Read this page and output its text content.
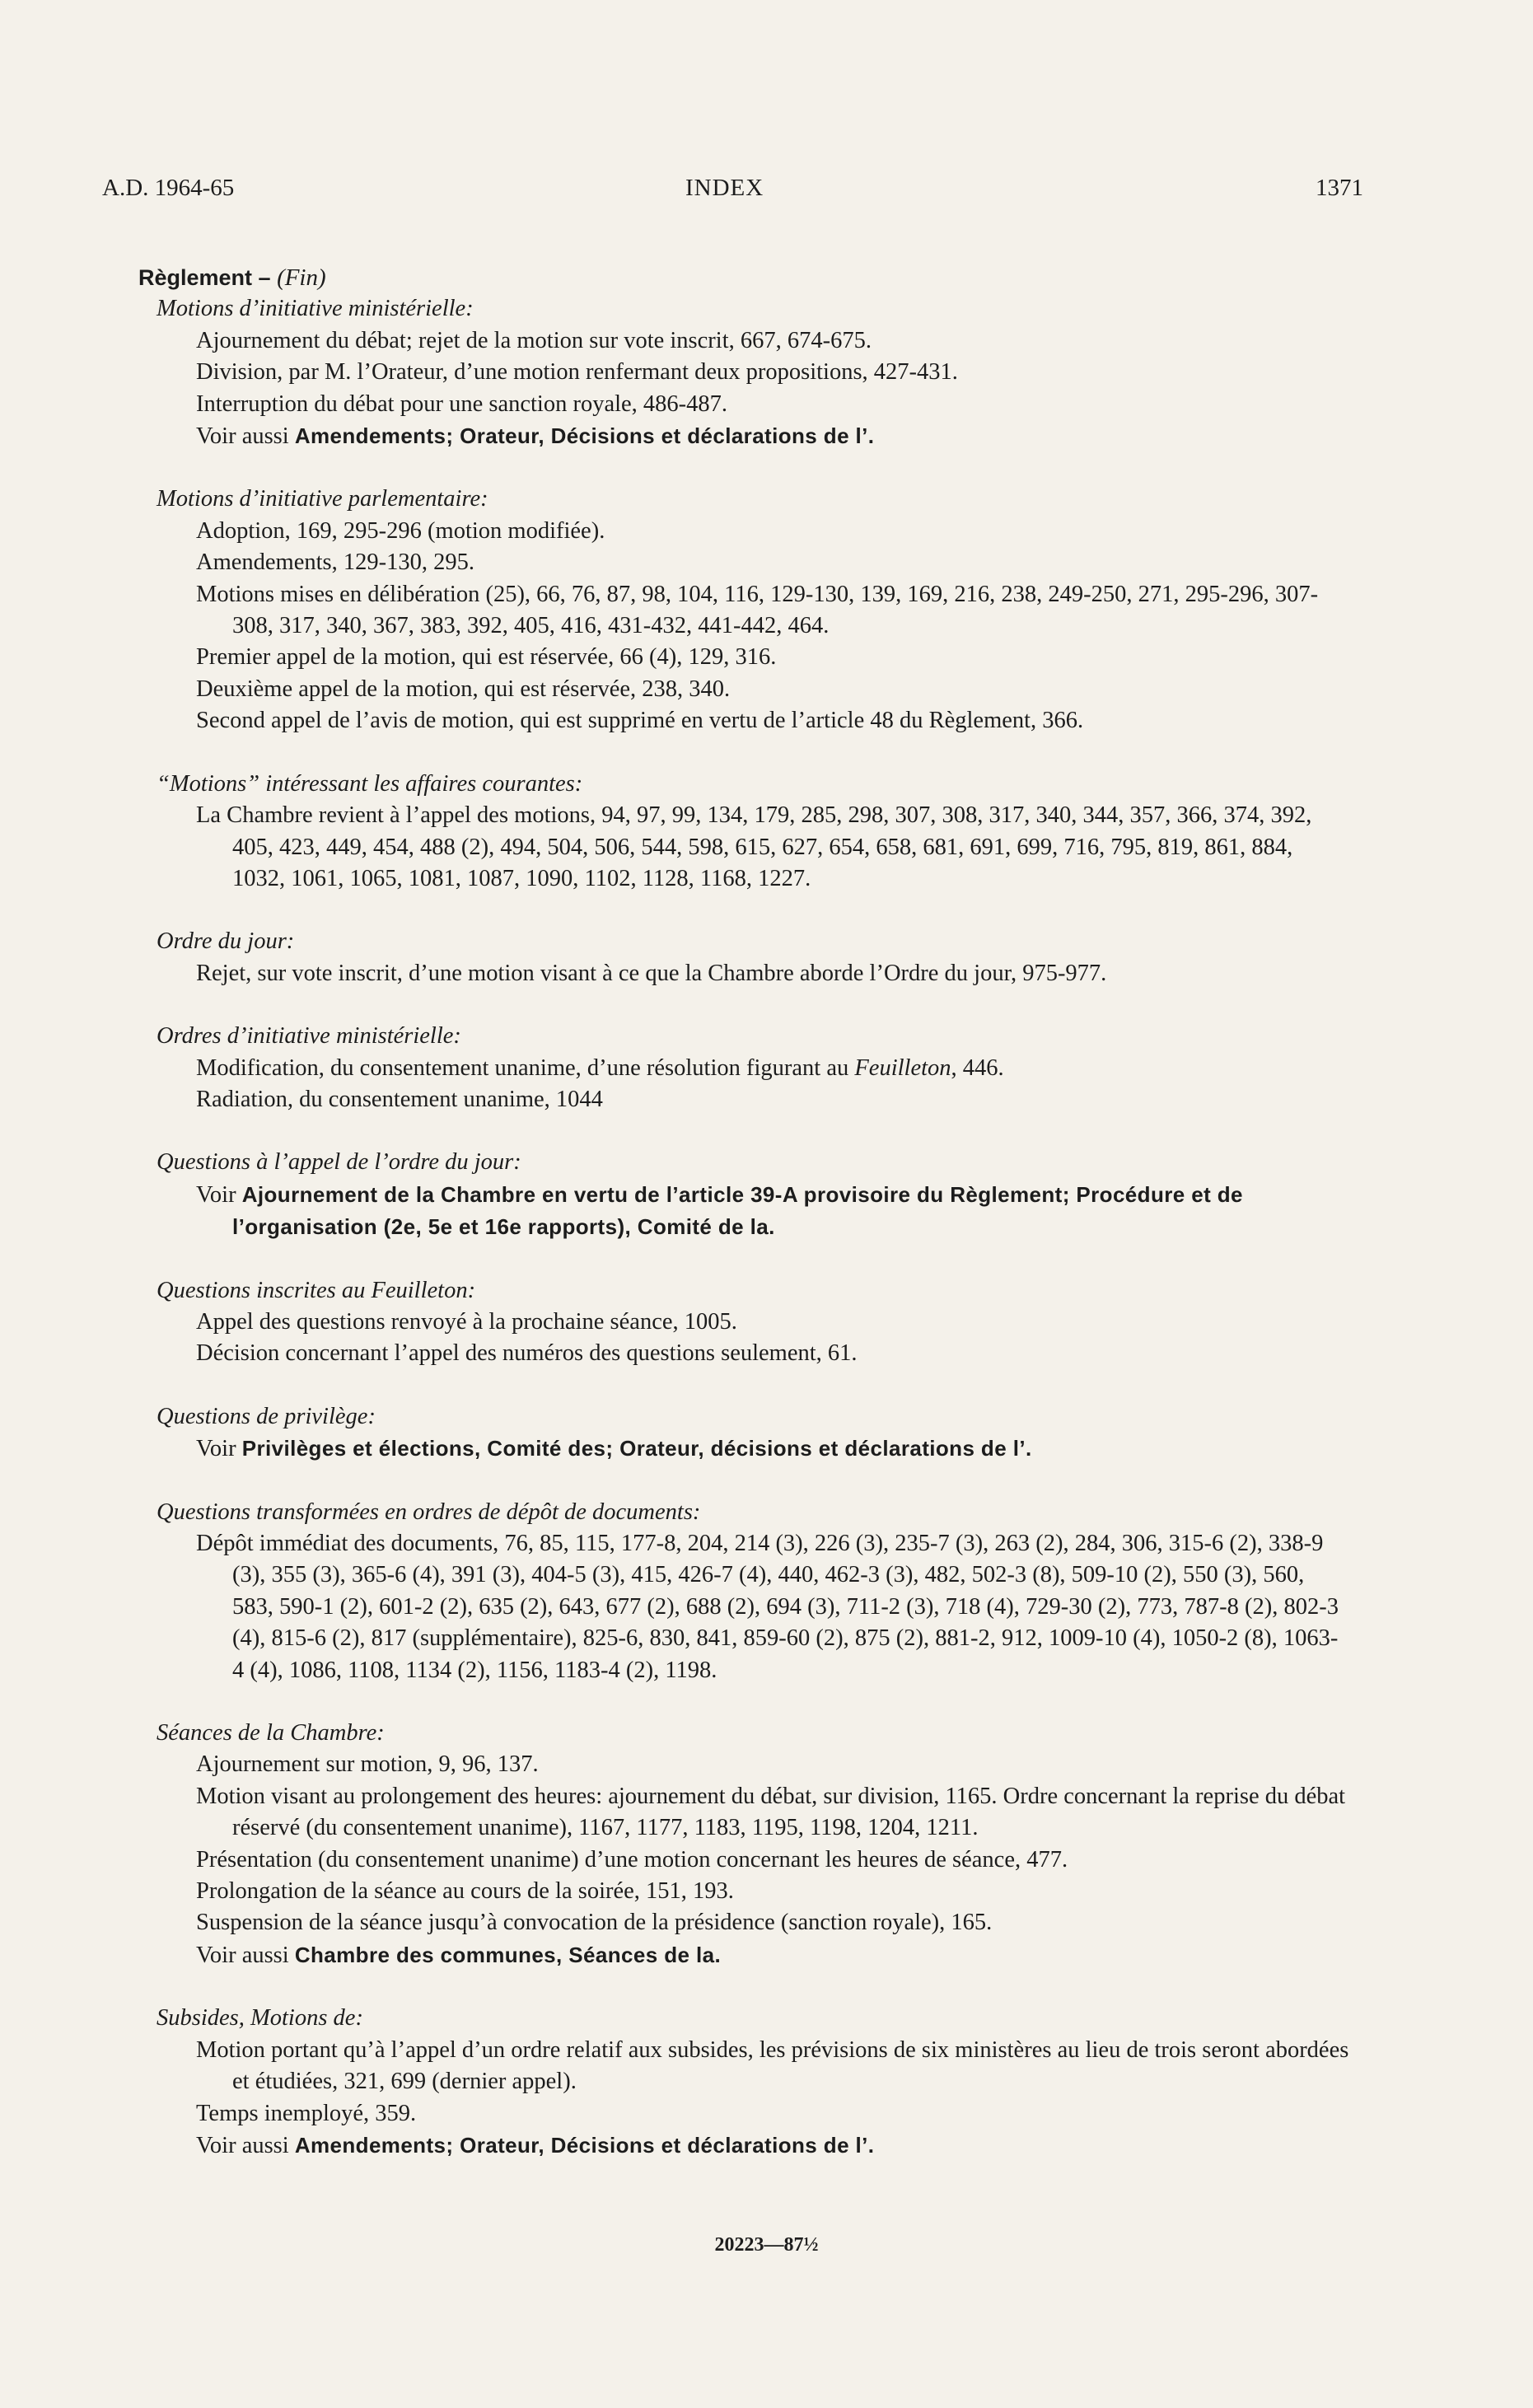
A.D. 1964-65	INDEX	1371
Règlement – (Fin)
Motions d’initiative ministérielle:
Ajournement du débat; rejet de la motion sur vote inscrit, 667, 674-675.
Division, par M. l’Orateur, d’une motion renfermant deux propositions, 427-431.
Interruption du débat pour une sanction royale, 486-487.
Voir aussi Amendements; Orateur, Décisions et déclarations de l’.
Motions d’initiative parlementaire:
Adoption, 169, 295-296 (motion modifiée).
Amendements, 129-130, 295.
Motions mises en délibération (25), 66, 76, 87, 98, 104, 116, 129-130, 139, 169, 216, 238, 249-250, 271, 295-296, 307-308, 317, 340, 367, 383, 392, 405, 416, 431-432, 441-442, 464.
Premier appel de la motion, qui est réservée, 66 (4), 129, 316.
Deuxième appel de la motion, qui est réservée, 238, 340.
Second appel de l’avis de motion, qui est supprimé en vertu de l’article 48 du Règlement, 366.
“Motions” intéressant les affaires courantes:
La Chambre revient à l’appel des motions, 94, 97, 99, 134, 179, 285, 298, 307, 308, 317, 340, 344, 357, 366, 374, 392, 405, 423, 449, 454, 488 (2), 494, 504, 506, 544, 598, 615, 627, 654, 658, 681, 691, 699, 716, 795, 819, 861, 884, 1032, 1061, 1065, 1081, 1087, 1090, 1102, 1128, 1168, 1227.
Ordre du jour:
Rejet, sur vote inscrit, d’une motion visant à ce que la Chambre aborde l’Ordre du jour, 975-977.
Ordres d’initiative ministérielle:
Modification, du consentement unanime, d’une résolution figurant au Feuilleton, 446.
Radiation, du consentement unanime, 1044
Questions à l’appel de l’ordre du jour:
Voir Ajournement de la Chambre en vertu de l’article 39-A provisoire du Règlement; Procédure et de l’organisation (2e, 5e et 16e rapports), Comité de la.
Questions inscrites au Feuilleton:
Appel des questions renvoyé à la prochaine séance, 1005.
Décision concernant l’appel des numéros des questions seulement, 61.
Questions de privilège:
Voir Privilèges et élections, Comité des; Orateur, décisions et déclarations de l’.
Questions transformées en ordres de dépôt de documents:
Dépôt immédiat des documents, 76, 85, 115, 177-8, 204, 214 (3), 226 (3), 235-7 (3), 263 (2), 284, 306, 315-6 (2), 338-9 (3), 355 (3), 365-6 (4), 391 (3), 404-5 (3), 415, 426-7 (4), 440, 462-3 (3), 482, 502-3 (8), 509-10 (2), 550 (3), 560, 583, 590-1 (2), 601-2 (2), 635 (2), 643, 677 (2), 688 (2), 694 (3), 711-2 (3), 718 (4), 729-30 (2), 773, 787-8 (2), 802-3 (4), 815-6 (2), 817 (supplémentaire), 825-6, 830, 841, 859-60 (2), 875 (2), 881-2, 912, 1009-10 (4), 1050-2 (8), 1063-4 (4), 1086, 1108, 1134 (2), 1156, 1183-4 (2), 1198.
Séances de la Chambre:
Ajournement sur motion, 9, 96, 137.
Motion visant au prolongement des heures: ajournement du débat, sur division, 1165. Ordre concernant la reprise du débat réservé (du consentement unanime), 1167, 1177, 1183, 1195, 1198, 1204, 1211.
Présentation (du consentement unanime) d’une motion concernant les heures de séance, 477.
Prolongation de la séance au cours de la soirée, 151, 193.
Suspension de la séance jusqu’à convocation de la présidence (sanction royale), 165.
Voir aussi Chambre des communes, Séances de la.
Subsides, Motions de:
Motion portant qu’à l’appel d’un ordre relatif aux subsides, les prévisions de six ministères au lieu de trois seront abordées et étudiées, 321, 699 (dernier appel).
Temps inemployé, 359.
Voir aussi Amendements; Orateur, Décisions et déclarations de l’.
20223—87½
